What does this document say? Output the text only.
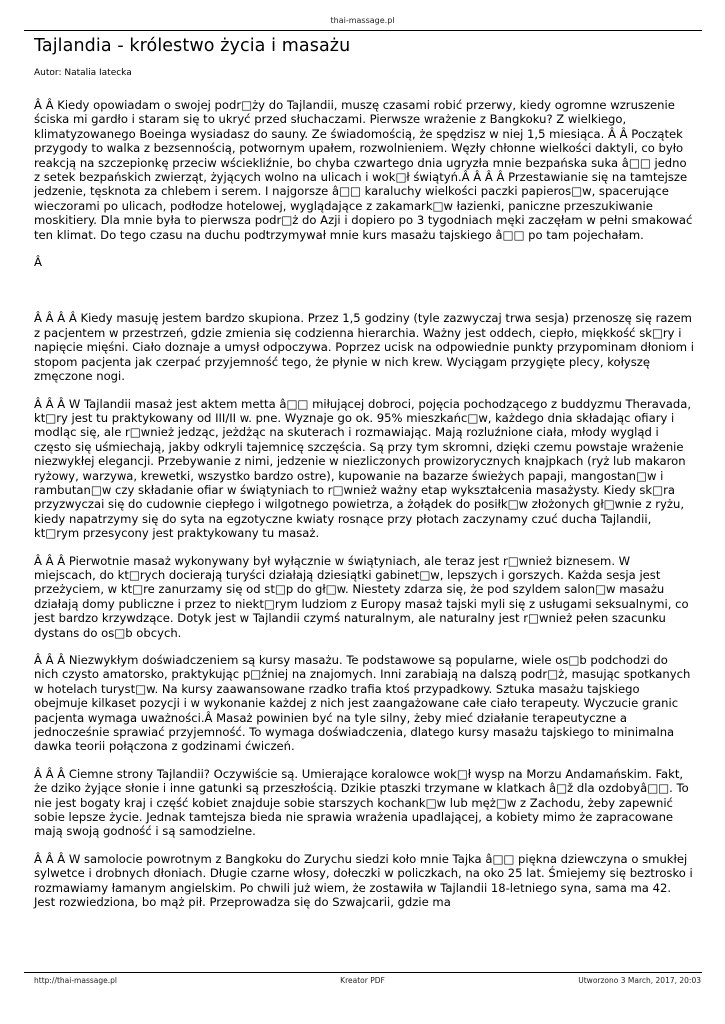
thai-massage.pl
Tajlandia - królestwo życia i masażu
Autor: Natalia Iatecka

Â Â Kiedy opowiadam o swojej podr□ży do Tajlandii, muszę czasami robić przerwy, kiedy ogromne wzruszenie ściska mi gardło i staram się to ukryć przed słuchaczami. Pierwsze wrażenie z Bangkoku? Z wielkiego, klimatyzowanego Boeinga wysiadasz do sauny. Ze świadomością, że spędzisz w niej 1,5 miesiąca. Â Â Początek przygody to walka z bezsennością, potwornym upałem, rozwolnieniem. Węzły chłonne wielkości daktyli, co było reakcją na szczepionkę przeciw wściekliźnie, bo chyba czwartego dnia ugryzła mnie bezpańska suka â□□ jedno z setek bezpańskich zwierząt, żyjących wolno na ulicach i wok□ł świątyń.Â Â Â Â Przestawianie się na tamtejsze jedzenie, tęsknota za chlebem i serem. I najgorsze â□□ karaluchy wielkości paczki papieros□w, spacerujące wieczorami po ulicach, podłodze hotelowej, wyglądające z zakamark□w łazienki, paniczne przeszukiwanie moskitiery. Dla mnie była to pierwsza podr□ż do Azji i dopiero po 3 tygodniach męki zaczęłam w pełni smakować ten klimat. Do tego czasu na duchu podtrzymywał mnie kurs masażu tajskiego â□□ po tam pojechałam.

Â

Â Â Â Â Kiedy masuję jestem bardzo skupiona. Przez 1,5 godziny (tyle zazwyczaj trwa sesja) przenoszę się razem z pacjentem w przestrzeń, gdzie zmienia się codzienna hierarchia. Ważny jest oddech, ciepło, miękkość sk□ry i napięcie mięśni. Ciało doznaje a umysł odpoczywa. Poprzez ucisk na odpowiednie punkty przypominam dłoniom i stopom pacjenta jak czerpać przyjemność tego, że płynie w nich krew. Wyciągam przygięte plecy, kołyszę zmęczone nogi.

Â Â Â W Tajlandii masaż jest aktem metta â□□ miłującej dobroci, pojęcia pochodzącego z buddyzmu Theravada, kt□ry jest tu praktykowany od III/II w. pne. Wyznaje go ok. 95% mieszkańc□w, każdego dnia składając ofiary i modląc się, ale r□wnież jedząc, jeżdżąc na skuterach i rozmawiając. Mają rozluźnione ciała, młody wygląd i często się uśmiechają, jakby odkryli tajemnicę szczęścia. Są przy tym skromni, dzięki czemu powstaje wrażenie niezwykłej elegancji. Przebywanie z nimi, jedzenie w niezliczonych prowizorycznych knajpkach (ryż lub makaron ryżowy, warzywa, krewetki, wszystko bardzo ostre), kupowanie na bazarze świeżych papaji, mangostan□w i rambutan□w czy składanie ofiar w świątyniach to r□wnież ważny etap wykształcenia masażysty. Kiedy sk□ra przyzwyczai się do cudownie ciepłego i wilgotnego powietrza, a żołądek do posiłk□w złożonych gł□wnie z ryżu, kiedy napatrzymy się do syta na egzotyczne kwiaty rosnące przy płotach zaczynamy czuć ducha Tajlandii, kt□rym przesycony jest praktykowany tu masaż.

Â Â Â Pierwotnie masaż wykonywany był wyłącznie w świątyniach, ale teraz jest r□wnież biznesem. W miejscach, do kt□rych docierają turyści działają dziesiątki gabinet□w, lepszych i gorszych. Każda sesja jest przeżyciem, w kt□re zanurzamy się od st□p do gł□w. Niestety zdarza się, że pod szyldem salon□w masażu działają domy publiczne i przez to niekt□rym ludziom z Europy masaż tajski myli się z usługami seksualnymi, co jest bardzo krzywdzące. Dotyk jest w Tajlandii czymś naturalnym, ale naturalny jest r□wnież pełen szacunku dystans do os□b obcych.

Â Â Â Niezwykłym doświadczeniem są kursy masażu. Te podstawowe są popularne, wiele os□b podchodzi do nich czysto amatorsko, praktykując p□źniej na znajomych. Inni zarabiają na dalszą podr□ż, masując spotkanych w hotelach turyst□w. Na kursy zaawansowane rzadko trafia ktoś przypadkowy. Sztuka masażu tajskiego obejmuje kilkaset pozycji i w wykonanie każdej z nich jest zaangażowane całe ciało terapeuty. Wyczucie granic pacjenta wymaga uważności.Â Masaż powinien być na tyle silny, żeby mieć działanie terapeutyczne a jednocześnie sprawiać przyjemność. To wymaga doświadczenia, dlatego kursy masażu tajskiego to minimalna dawka teorii połączona z godzinami ćwiczeń.

Â Â Â Ciemne strony Tajlandii? Oczywiście są. Umierające koralowce wok□ł wysp na Morzu Andamańskim. Fakt, że dziko żyjące słonie i inne gatunki są przeszłością. Dzikie ptaszki trzymane w klatkach â□ž dla ozdobyâ□□. To nie jest bogaty kraj i część kobiet znajduje sobie starszych kochank□w lub męż□w z Zachodu, żeby zapewnić sobie lepsze życie. Jednak tamtejsza bieda nie sprawia wrażenia upadlającej, a kobiety mimo że zapracowane mają swoją godność i są samodzielne.

Â Â Â W samolocie powrotnym z Bangkoku do Zurychu siedzi koło mnie Tajka â□□ piękna dziewczyna o smukłej sylwetce i drobnych dłoniach. Długie czarne włosy, dołeczki w policzkach, na oko 25 lat. Śmiejemy się beztrosko i rozmawiamy łamanym angielskim. Po chwili już wiem, że zostawiła w Tajlandii 18-letniego syna, sama ma 42. Jest rozwiedziona, bo mąż pił. Przeprowadza się do Szwajcarii, gdzie ma

http://thai-massage.pl	Kreator PDF	Utworzono 3 March, 2017, 20:03
